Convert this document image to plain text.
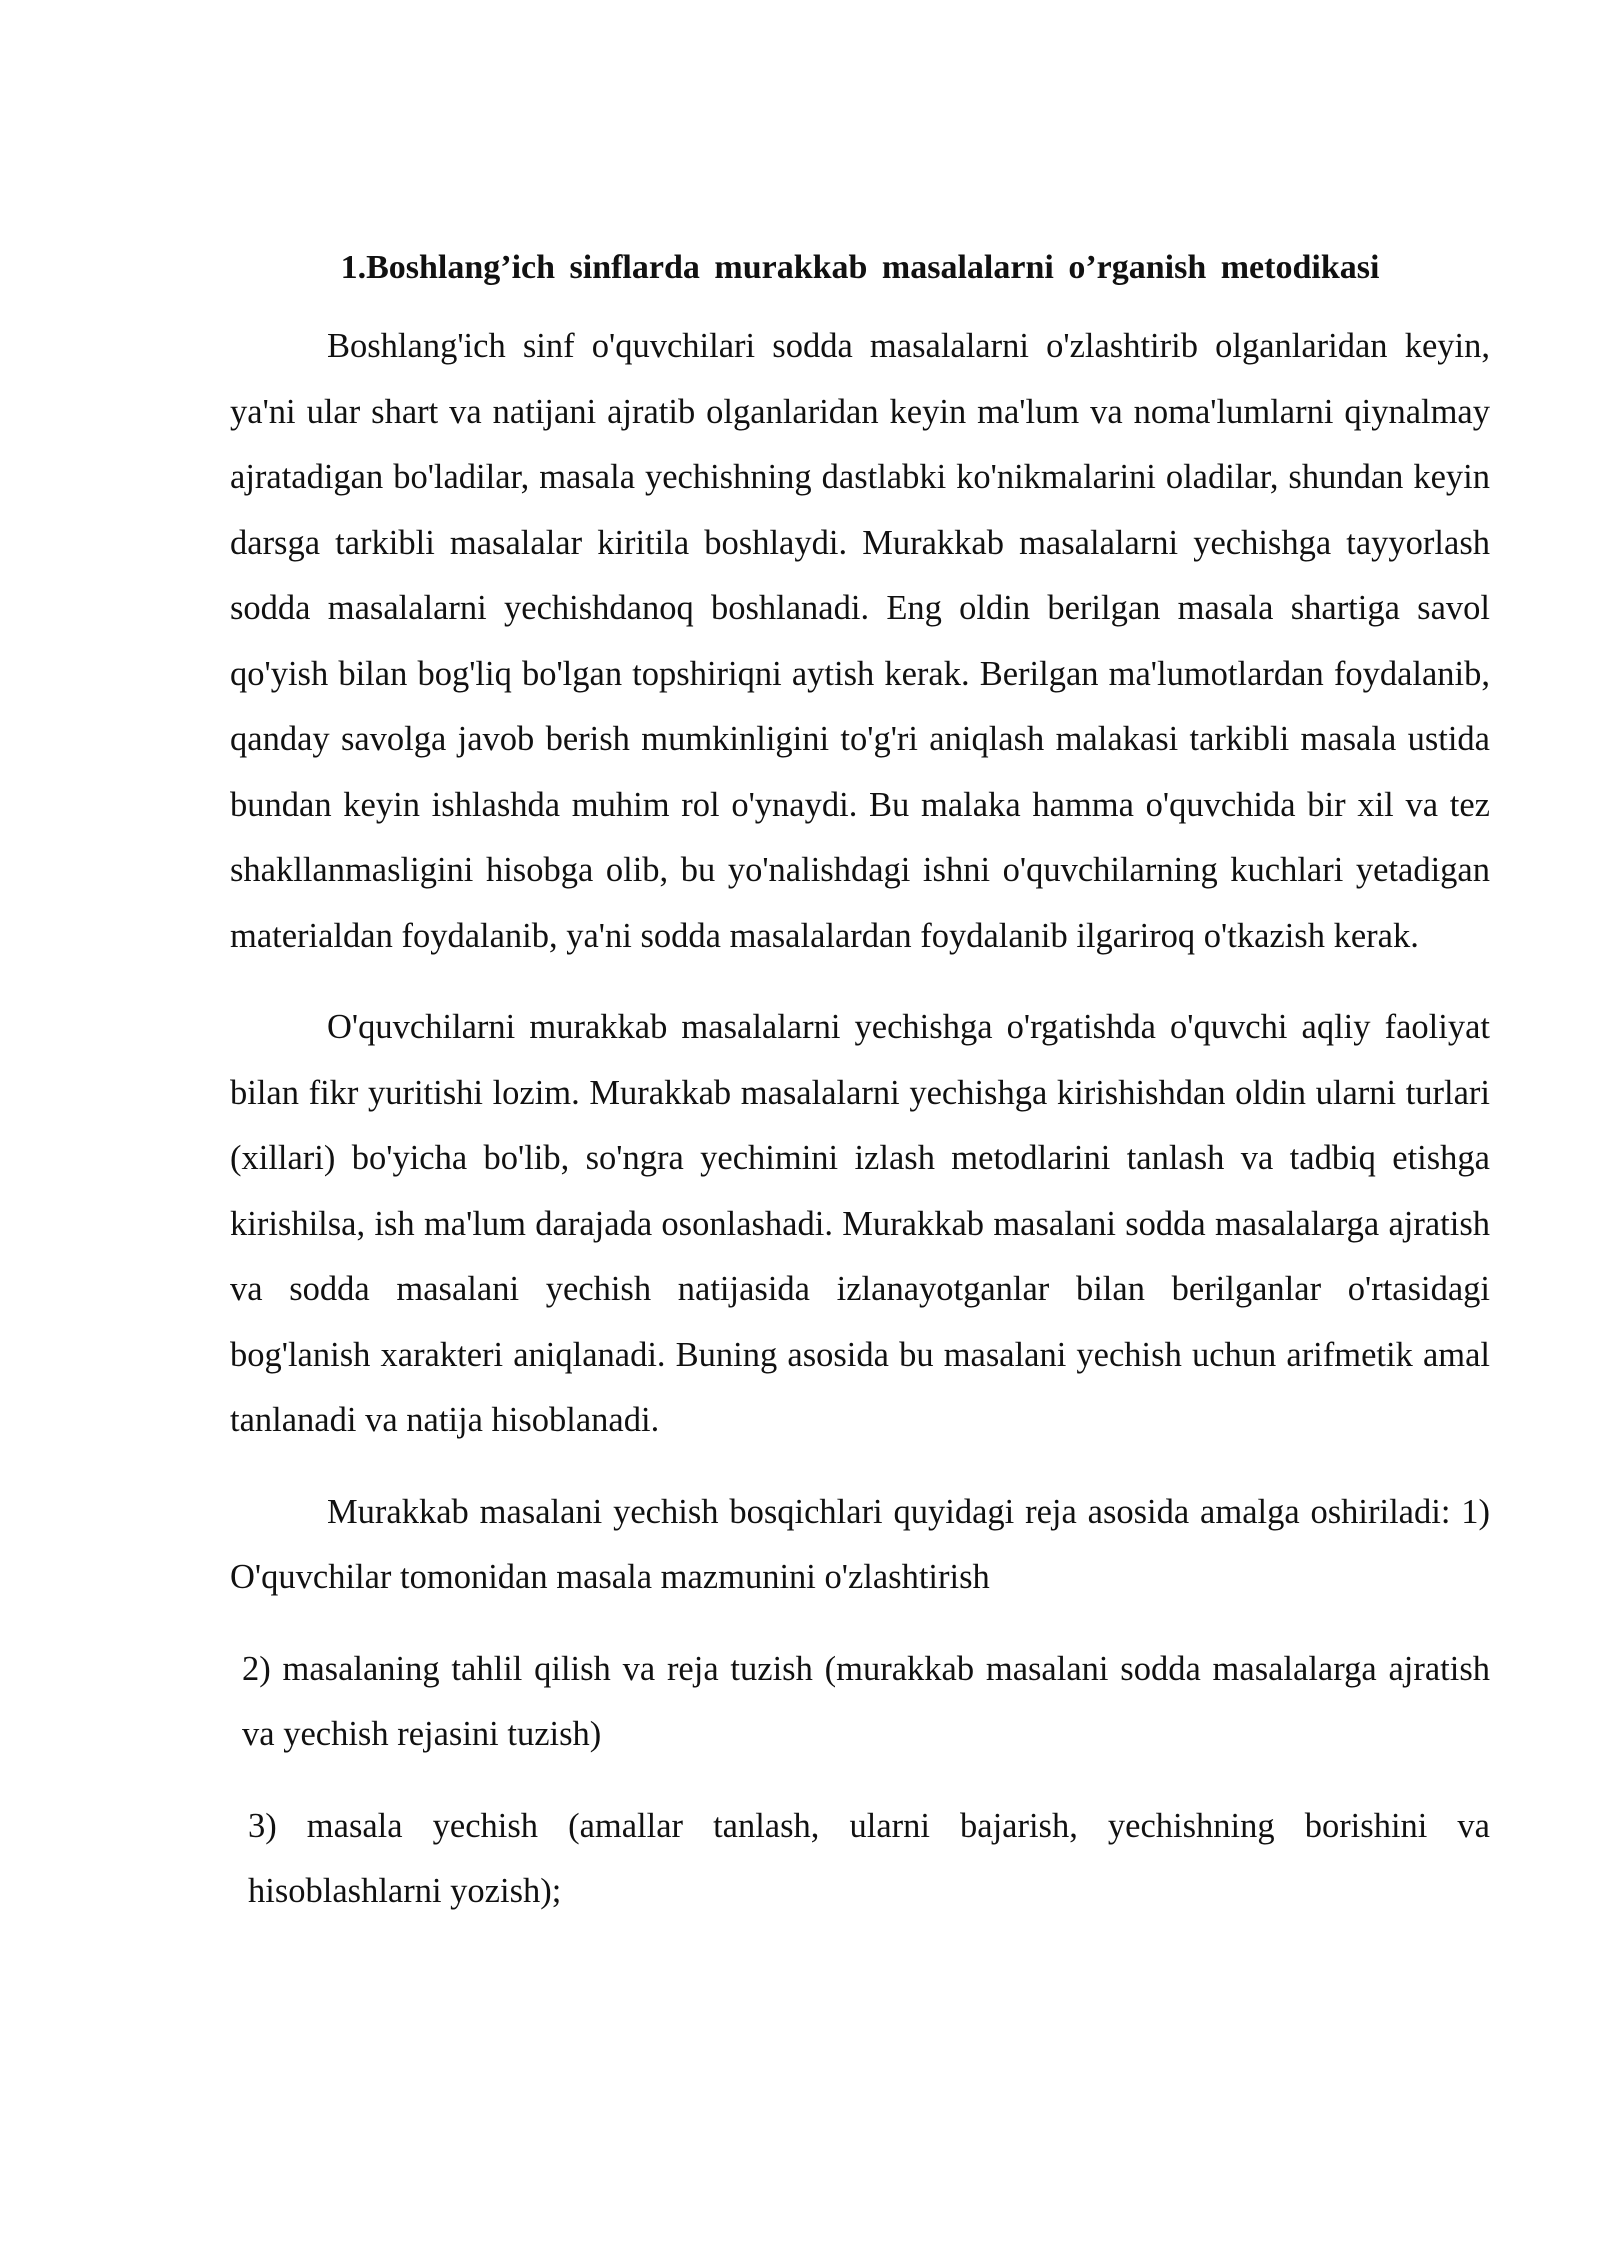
1.Boshlang’ich sinflarda murakkab masalalarni o’rganish metodikasi

Boshlang'ich sinf o'quvchilari sodda masalalarni o'zlashtirib olganlaridan keyin, ya'ni ular shart va natijani ajratib olganlaridan keyin ma'lum va noma'lumlarni qiynalmay ajratadigan bo'ladilar, masala yechishning dastlabki ko'nikmalarini oladilar, shundan keyin darsga tarkibli masalalar kiritila boshlaydi. Murakkab masalalarni yechishga tayyorlash sodda masalalarni yechishdanoq boshlanadi. Eng oldin berilgan masala shartiga savol qo'yish bilan bog'liq bo'lgan topshiriqni aytish kerak. Berilgan ma'lumotlardan foydalanib, qanday savolga javob berish mumkinligini to'g'ri aniqlash malakasi tarkibli masala ustida bundan keyin ishlashda muhim rol o'ynaydi. Bu malaka hamma o'quvchida bir xil va tez shakllanmasligini hisobga olib, bu yo'nalishdagi ishni o'quvchilarning kuchlari yetadigan materialdan foydalanib, ya'ni sodda masalalardan foydalanib ilgariroq o'tkazish kerak.

O'quvchilarni murakkab masalalarni yechishga o'rgatishda o'quvchi aqliy faoliyat bilan fikr yuritishi lozim. Murakkab masalalarni yechishga kirishishdan oldin ularni turlari (xillari) bo'yicha bo'lib, so'ngra yechimini izlash metodlarini tanlash va tadbiq etishga kirishilsa, ish ma'lum darajada osonlashadi. Murakkab masalani sodda masalalarga ajratish va sodda masalani yechish natijasida izlanayotganlar bilan berilganlar o'rtasidagi bog'lanish xarakteri aniqlanadi. Buning asosida bu masalani yechish uchun arifmetik amal tanlanadi va natija hisoblanadi.

Murakkab masalani yechish bosqichlari quyidagi reja asosida amalga oshiriladi: 1) O'quvchilar tomonidan masala mazmunini o'zlashtirish

2) masalaning tahlil qilish va reja tuzish (murakkab masalani sodda masalalarga ajratish va yechish rejasini tuzish)

3) masala yechish (amallar tanlash, ularni bajarish, yechishning borishini va hisoblashlarni yozish);
